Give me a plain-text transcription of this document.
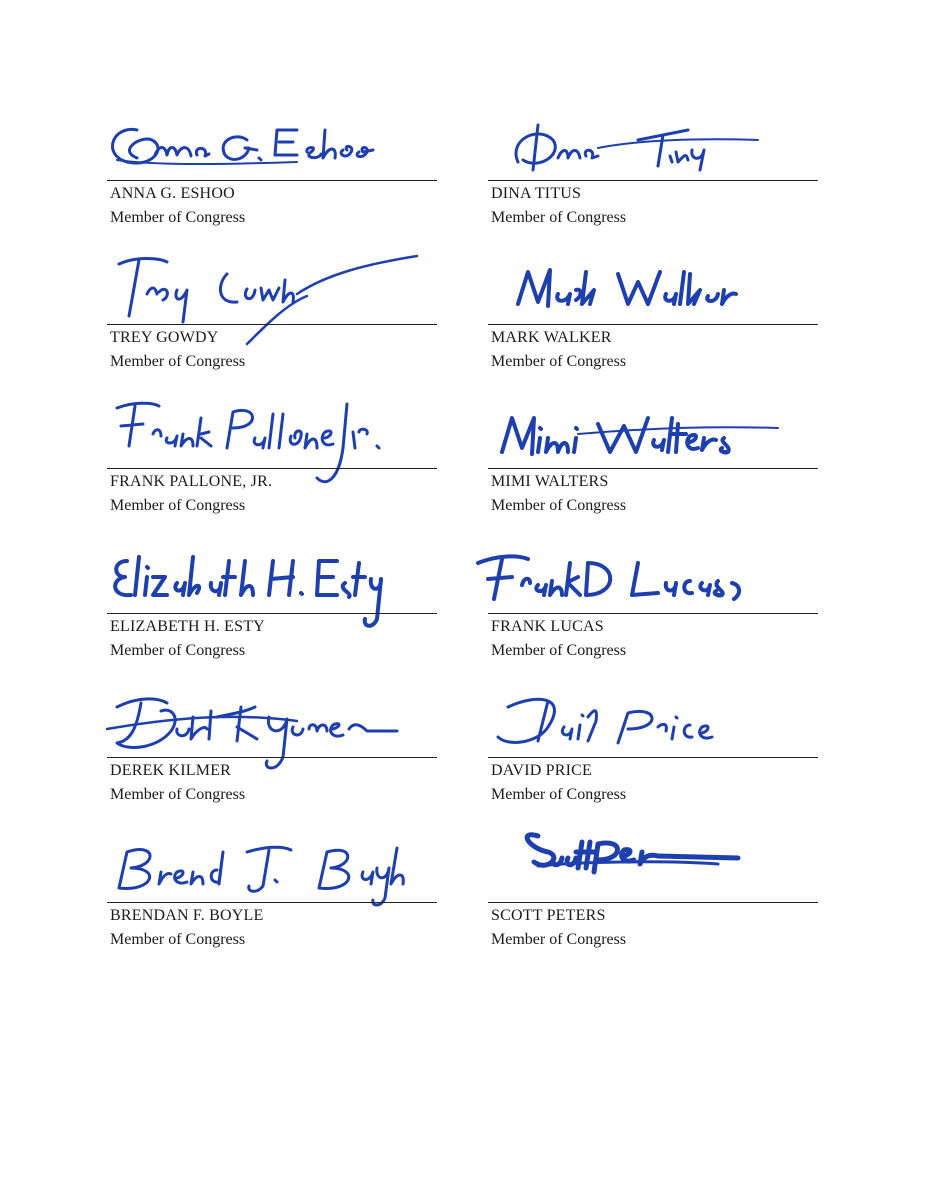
ANNA G. ESHOO
Member of Congress
DINA TITUS
Member of Congress
TREY GOWDY
Member of Congress
MARK WALKER
Member of Congress
FRANK PALLONE, JR.
Member of Congress
MIMI WALTERS
Member of Congress
ELIZABETH H. ESTY
Member of Congress
FRANK LUCAS
Member of Congress
DEREK KILMER
Member of Congress
DAVID PRICE
Member of Congress
BRENDAN F. BOYLE
Member of Congress
SCOTT PETERS
Member of Congress
